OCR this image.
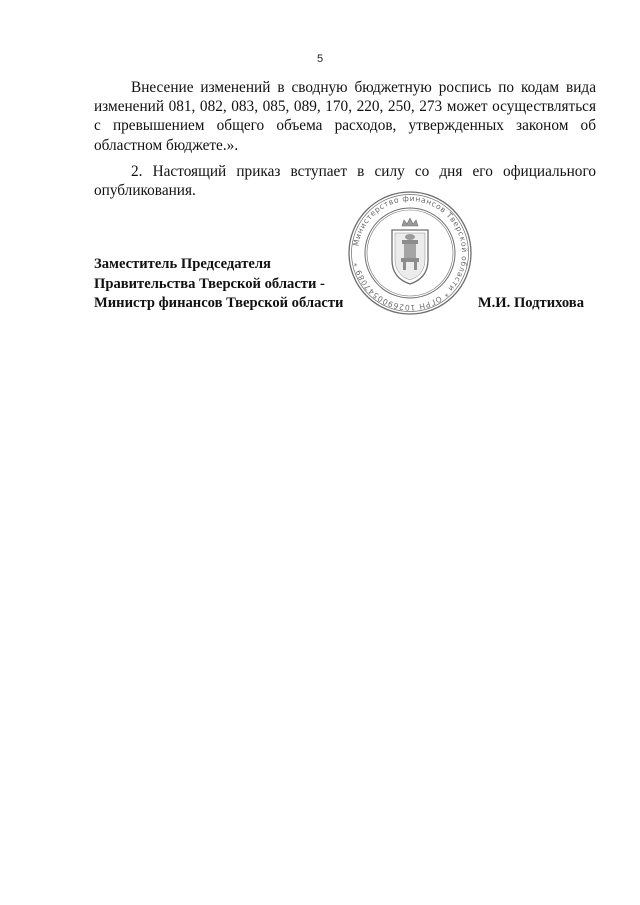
5

Внесение изменений в сводную бюджетную роспись по кодам вида изменений 081, 082, 083, 085, 089, 170, 220, 250, 273 может осуществляться с превышением общего объема расходов, утвержденных законом об областном бюджете.».

2. Настоящий приказ вступает в силу со дня его официального опубликования.

Министерство финансов Тверской области * ОГРН 1026900547089 *
Заместитель Председателя
Правительства Тверской области -
Министр финансов Тверской области	М.И. Подтихова
